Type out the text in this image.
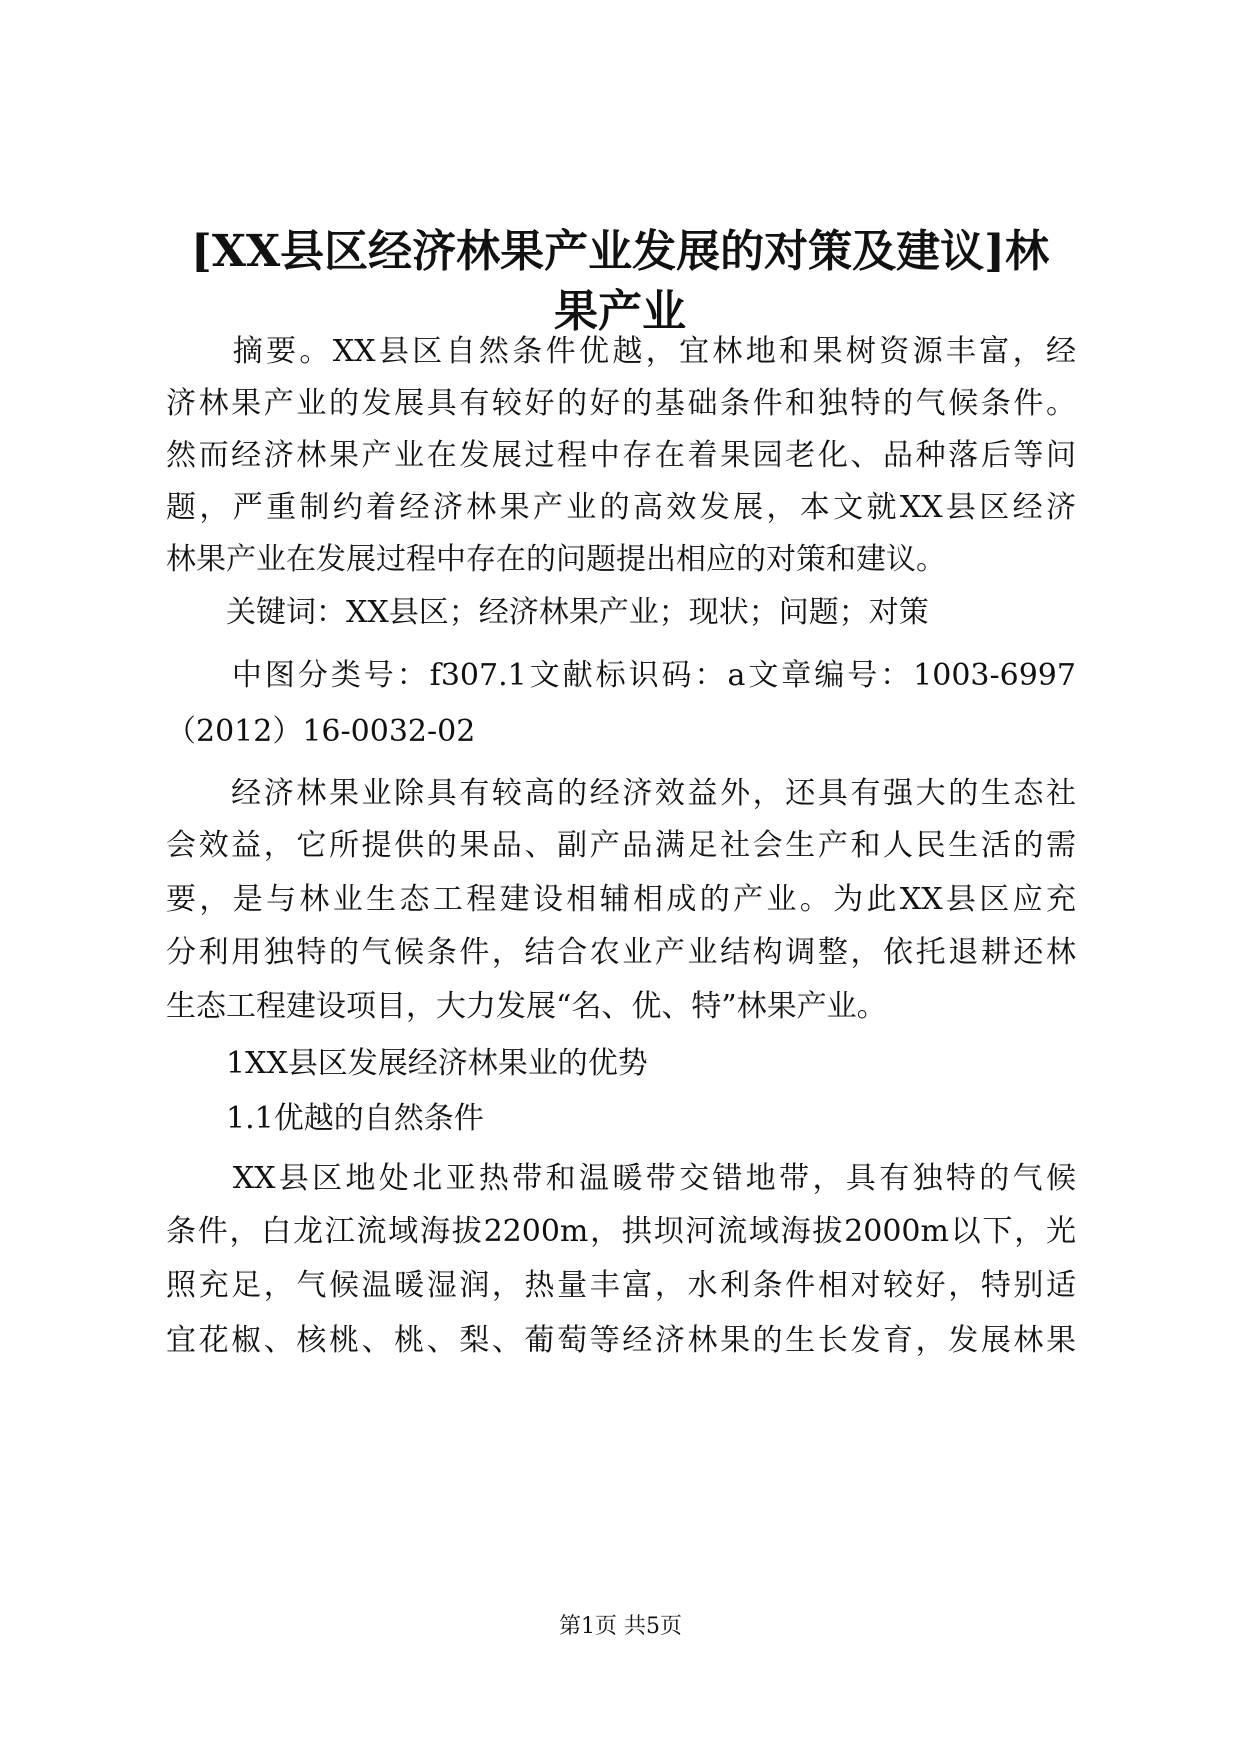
[XX县区经济林果产业发展的对策及建议]林
果产业

　　摘要。XX县区自然条件优越，宜林地和果树资源丰富，经

济林果产业的发展具有较好的好的基础条件和独特的气候条件。

然而经济林果产业在发展过程中存在着果园老化、品种落后等问

题，严重制约着经济林果产业的高效发展，本文就XX县区经济

林果产业在发展过程中存在的问题提出相应的对策和建议。

　　关键词：XX县区；经济林果产业；现状；问题；对策

　　中图分类号：f307.1文献标识码：a文章编号：1003-6997

（2012）16-0032-02

　　经济林果业除具有较高的经济效益外，还具有强大的生态社

会效益，它所提供的果品、副产品满足社会生产和人民生活的需

要，是与林业生态工程建设相辅相成的产业。为此XX县区应充

分利用独特的气候条件，结合农业产业结构调整，依托退耕还林

生态工程建设项目，大力发展“名、优、特”林果产业。

　　1XX县区发展经济林果业的优势

　　1.1优越的自然条件

　　XX县区地处北亚热带和温暖带交错地带，具有独特的气候

条件，白龙江流域海拔2200m，拱坝河流域海拔2000m以下，光

照充足，气候温暖湿润，热量丰富，水利条件相对较好，特别适

宜花椒、核桃、桃、梨、葡萄等经济林果的生长发育，发展林果

第1页 共5页
